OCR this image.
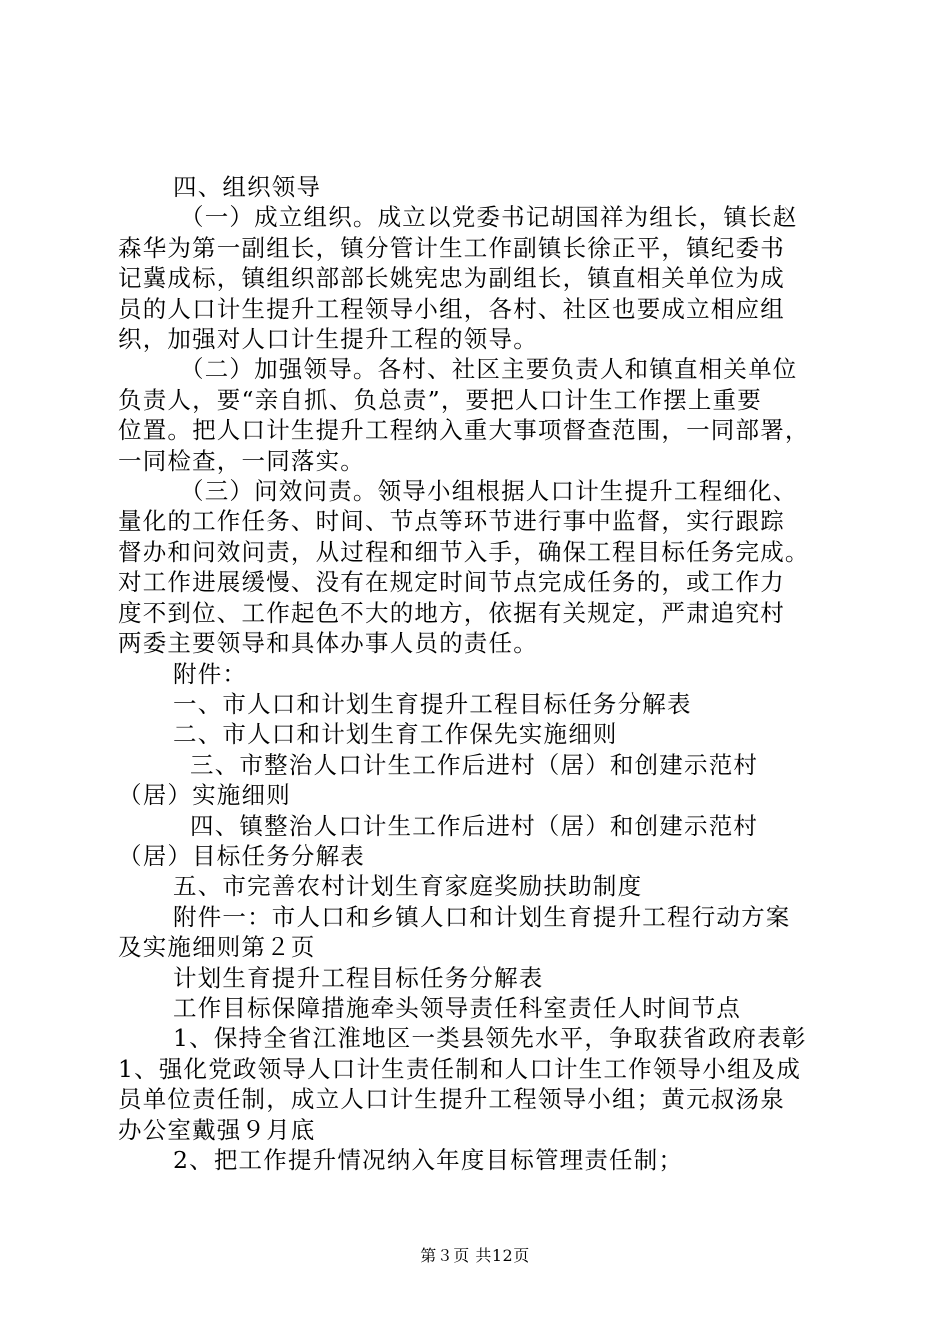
四、组织领导
（一）成立组织。成立以党委书记胡国祥为组长，镇长赵
森华为第一副组长，镇分管计生工作副镇长徐正平，镇纪委书
记冀成标，镇组织部部长姚宪忠为副组长，镇直相关单位为成
员的人口计生提升工程领导小组，各村、社区也要成立相应组
织，加强对人口计生提升工程的领导。
（二）加强领导。各村、社区主要负责人和镇直相关单位
负责人，要“亲自抓、负总责”，要把人口计生工作摆上重要
位置。把人口计生提升工程纳入重大事项督查范围，一同部署，
一同检查，一同落实。
（三）问效问责。领导小组根据人口计生提升工程细化、
量化的工作任务、时间、节点等环节进行事中监督，实行跟踪
督办和问效问责，从过程和细节入手，确保工程目标任务完成。
对工作进展缓慢、没有在规定时间节点完成任务的，或工作力
度不到位、工作起色不大的地方，依据有关规定，严肃追究村
两委主要领导和具体办事人员的责任。
附件：
一、市人口和计划生育提升工程目标任务分解表
二、市人口和计划生育工作保先实施细则
三、市整治人口计生工作后进村（居）和创建示范村
（居）实施细则
四、镇整治人口计生工作后进村（居）和创建示范村
（居）目标任务分解表
五、市完善农村计划生育家庭奖励扶助制度
附件一：市人口和乡镇人口和计划生育提升工程行动方案
及实施细则第２页
计划生育提升工程目标任务分解表
工作目标保障措施牵头领导责任科室责任人时间节点
1、保持全省江淮地区一类县领先水平，争取获省政府表彰
1、强化党政领导人口计生责任制和人口计生工作领导小组及成
员单位责任制，成立人口计生提升工程领导小组；黄元叔汤泉
办公室戴强９月底
2、把工作提升情况纳入年度目标管理责任制；
第３页 共12页
